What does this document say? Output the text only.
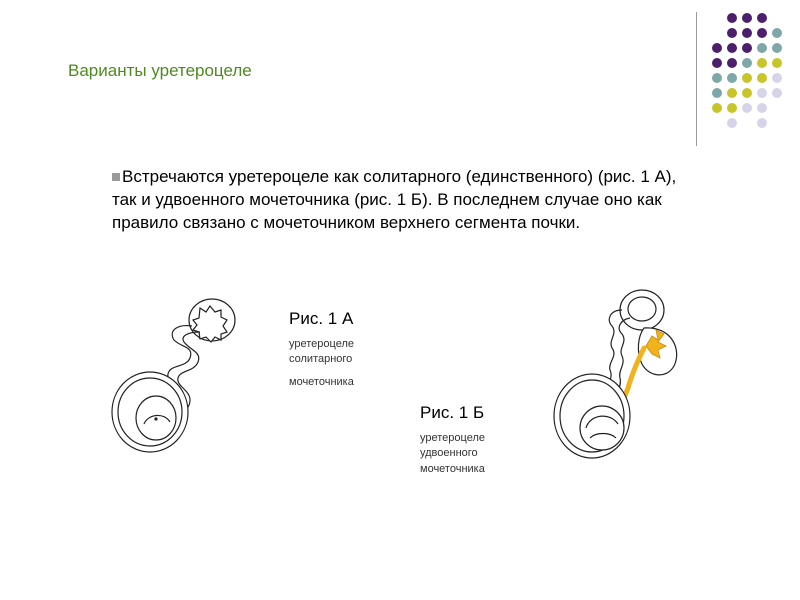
Варианты уретероцеле
Встречаются уретероцеле как солитарного (единственного) (рис. 1 А), так и удвоенного мочеточника (рис. 1 Б). В последнем случае оно как правило связано с мочеточником верхнего сегмента почки.
Рис. 1 А
уретероцеле
солитарного
мочеточника
Рис. 1 Б
уретероцеле
удвоенного
мочеточника
